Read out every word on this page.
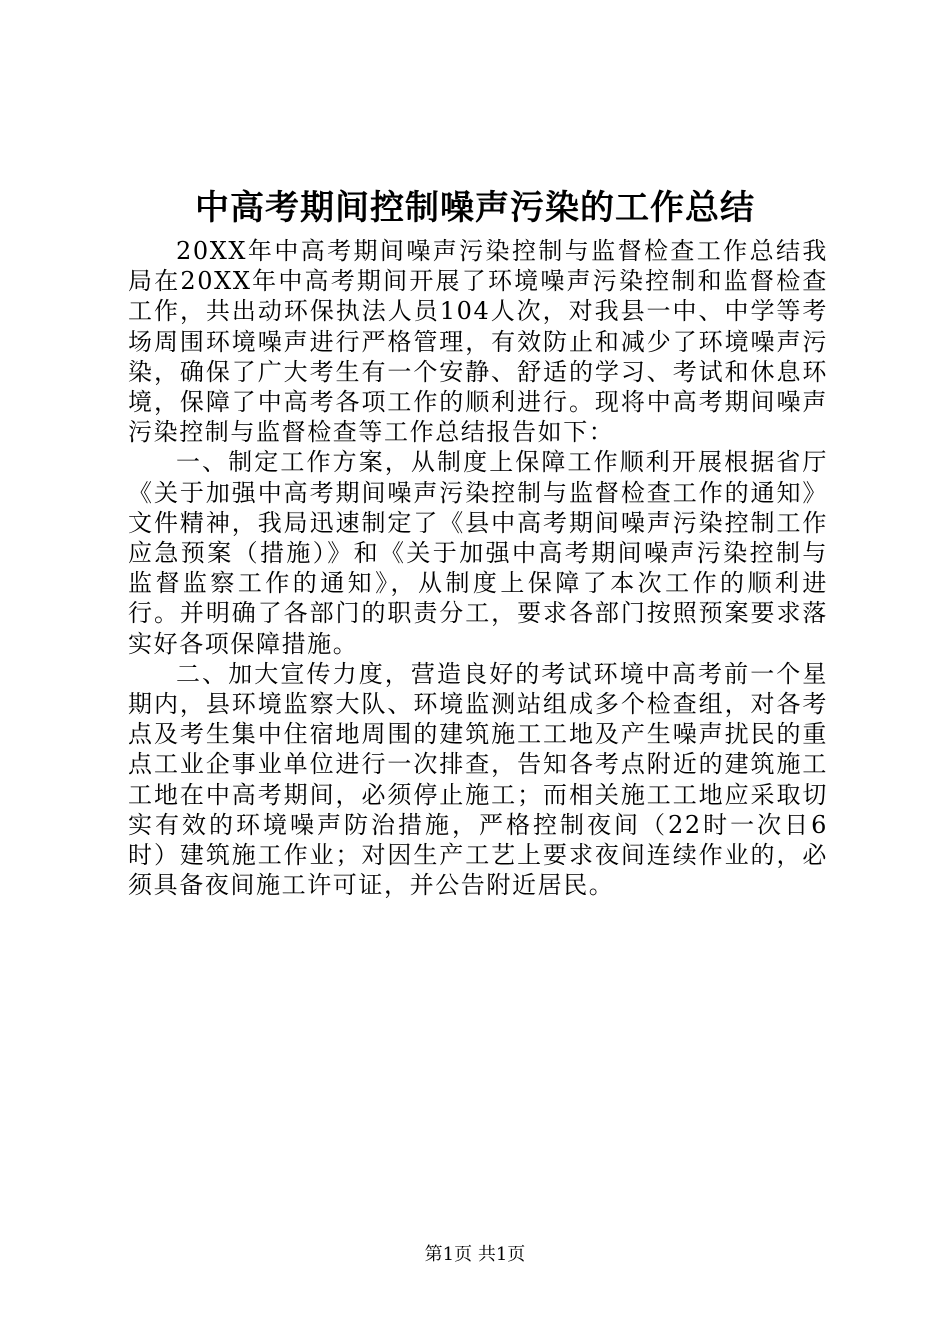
中高考期间控制噪声污染的工作总结

20XX年中高考期间噪声污染控制与监督检查工作总结我局在20XX年中高考期间开展了环境噪声污染控制和监督检查工作，共出动环保执法人员104人次，对我县一中、中学等考场周围环境噪声进行严格管理，有效防止和减少了环境噪声污染，确保了广大考生有一个安静、舒适的学习、考试和休息环境，保障了中高考各项工作的顺利进行。现将中高考期间噪声污染控制与监督检查等工作总结报告如下：

一、制定工作方案，从制度上保障工作顺利开展根据省厅《关于加强中高考期间噪声污染控制与监督检查工作的通知》文件精神，我局迅速制定了《县中高考期间噪声污染控制工作应急预案（措施）》和《关于加强中高考期间噪声污染控制与监督监察工作的通知》，从制度上保障了本次工作的顺利进行。并明确了各部门的职责分工，要求各部门按照预案要求落实好各项保障措施。

二、加大宣传力度，营造良好的考试环境中高考前一个星期内，县环境监察大队、环境监测站组成多个检查组，对各考点及考生集中住宿地周围的建筑施工工地及产生噪声扰民的重点工业企事业单位进行一次排查，告知各考点附近的建筑施工工地在中高考期间，必须停止施工；而相关施工工地应采取切实有效的环境噪声防治措施，严格控制夜间（22时一次日6时）建筑施工作业；对因生产工艺上要求夜间连续作业的，必须具备夜间施工许可证，并公告附近居民。

第1页 共1页
